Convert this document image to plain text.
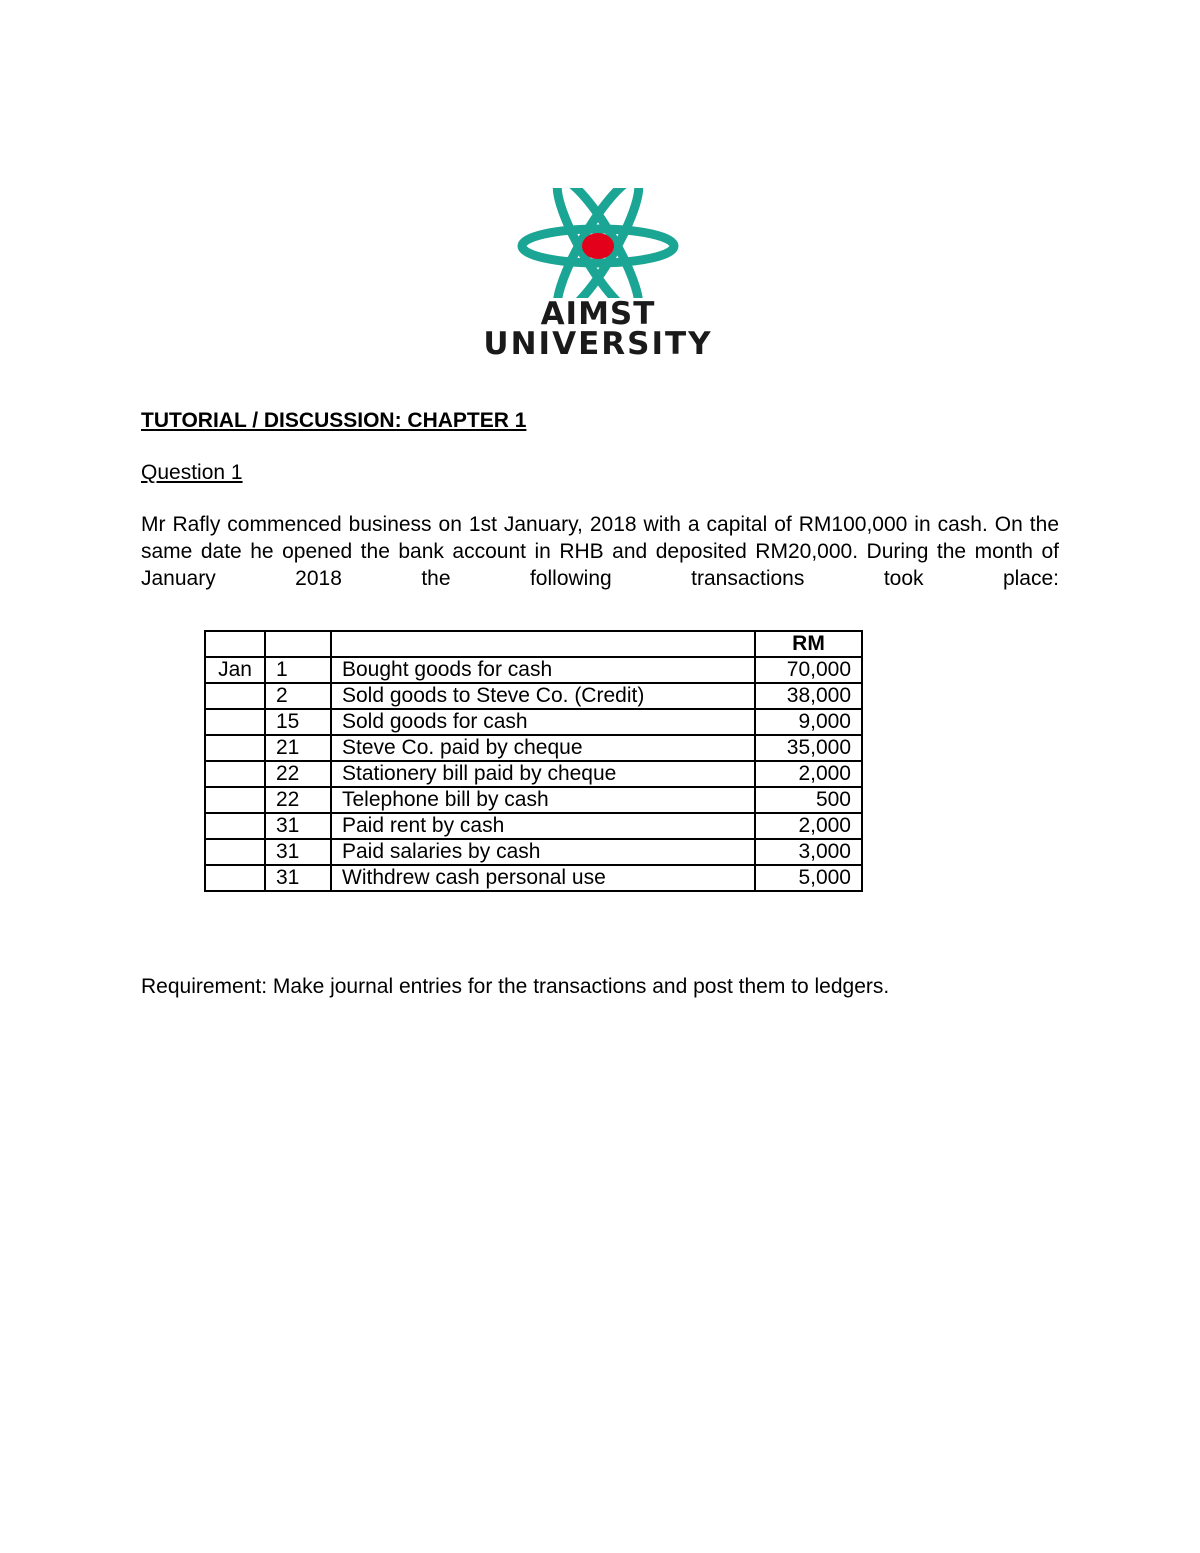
AIMST
UNIVERSITY

TUTORIAL / DISCUSSION: CHAPTER 1

Question 1

Mr Rafly commenced business on 1st January, 2018 with a capital of RM100,000 in cash. On the same date he opened the bank account in RHB and deposited RM20,000. During the month of January 2018 the following transactions took place:

			RM
Jan	1	Bought goods for cash	70,000
	2	Sold goods to Steve Co. (Credit)	38,000
	15	Sold goods for cash	9,000
	21	Steve Co. paid by cheque	35,000
	22	Stationery bill paid by cheque	2,000
	22	Telephone bill by cash	500
	31	Paid rent by cash	2,000
	31	Paid salaries by cash	3,000
	31	Withdrew cash personal use	5,000

Requirement: Make journal entries for the transactions and post them to ledgers.
